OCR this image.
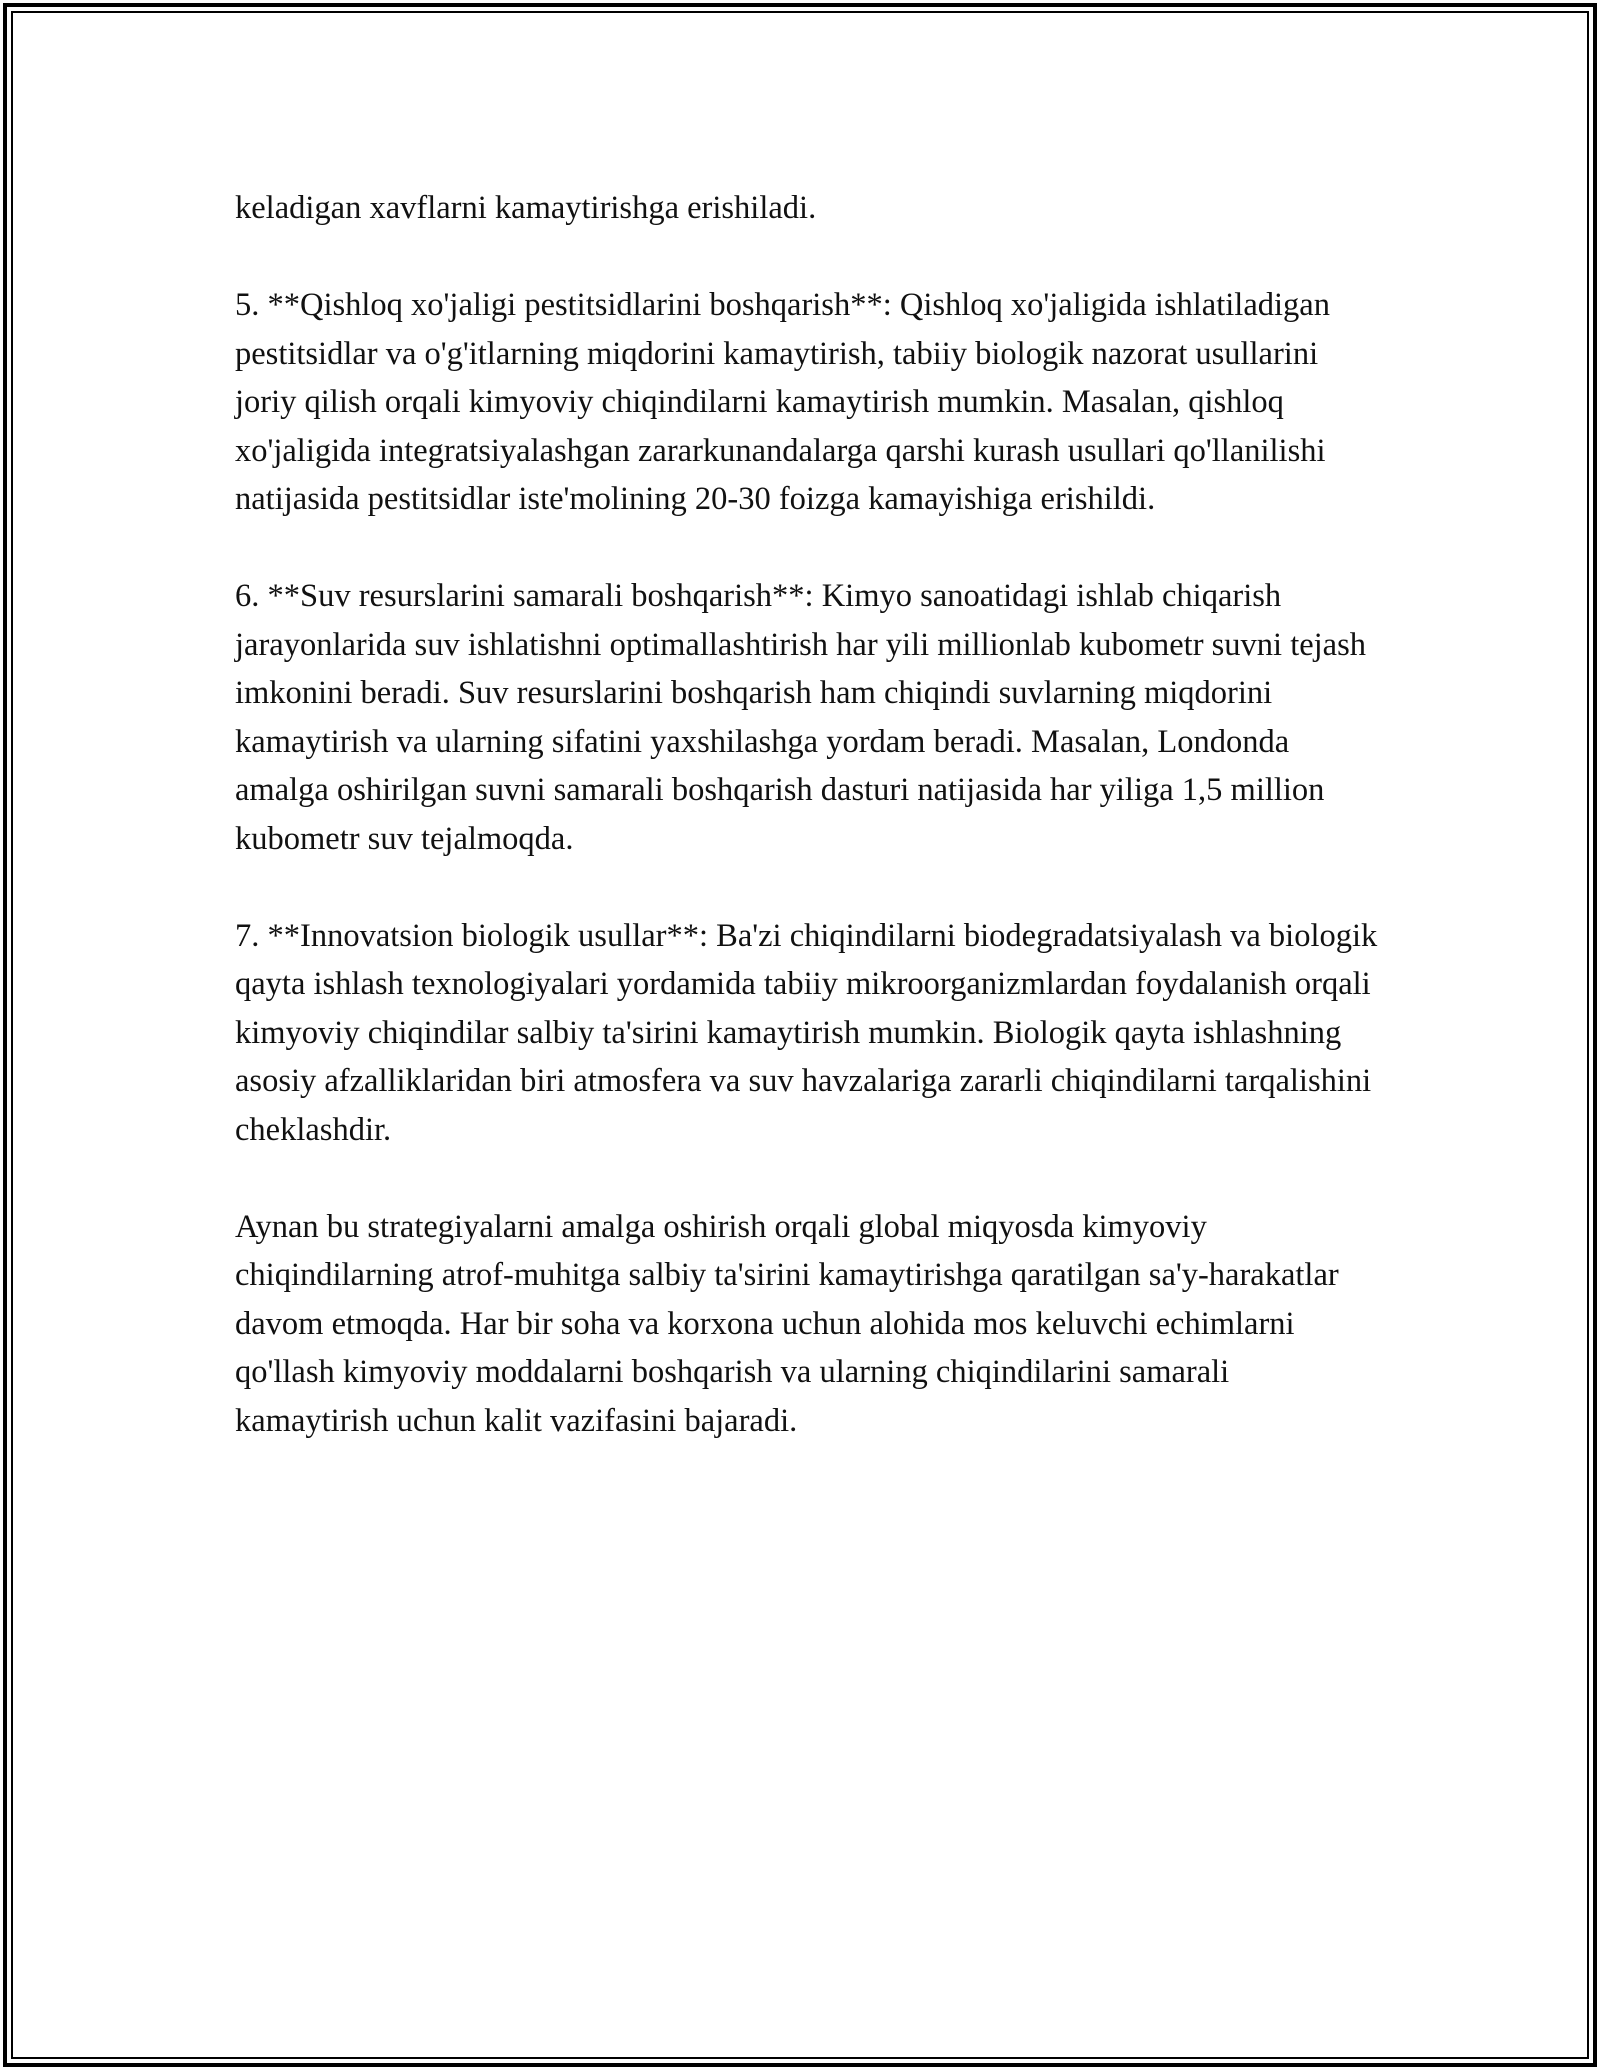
keladigan xavflarni kamaytirishga erishiladi.

5. **Qishloq xo'jaligi pestitsidlarini boshqarish**: Qishloq xo'jaligida ishlatiladigan pestitsidlar va o'g'itlarning miqdorini kamaytirish, tabiiy biologik nazorat usullarini joriy qilish orqali kimyoviy chiqindilarni kamaytirish mumkin. Masalan, qishloq xo'jaligida integratsiyalashgan zararkunandalarga qarshi kurash usullari qo'llanilishi natijasida pestitsidlar iste'molining 20-30 foizga kamayishiga erishildi.

6. **Suv resurslarini samarali boshqarish**: Kimyo sanoatidagi ishlab chiqarish jarayonlarida suv ishlatishni optimallashtirish har yili millionlab kubometr suvni tejash imkonini beradi. Suv resurslarini boshqarish ham chiqindi suvlarning miqdorini kamaytirish va ularning sifatini yaxshilashga yordam beradi. Masalan, Londonda amalga oshirilgan suvni samarali boshqarish dasturi natijasida har yiliga 1,5 million kubometr suv tejalmoqda.

7. **Innovatsion biologik usullar**: Ba'zi chiqindilarni biodegradatsiyalash va biologik qayta ishlash texnologiyalari yordamida tabiiy mikroorganizmlardan foydalanish orqali kimyoviy chiqindilar salbiy ta'sirini kamaytirish mumkin. Biologik qayta ishlashning asosiy afzalliklaridan biri atmosfera va suv havzalariga zararli chiqindilarni tarqalishini cheklashdir.

Aynan bu strategiyalarni amalga oshirish orqali global miqyosda kimyoviy chiqindilarning atrof-muhitga salbiy ta'sirini kamaytirishga qaratilgan sa'y-harakatlar davom etmoqda. Har bir soha va korxona uchun alohida mos keluvchi echimlarni qo'llash kimyoviy moddalarni boshqarish va ularning chiqindilarini samarali kamaytirish uchun kalit vazifasini bajaradi.
